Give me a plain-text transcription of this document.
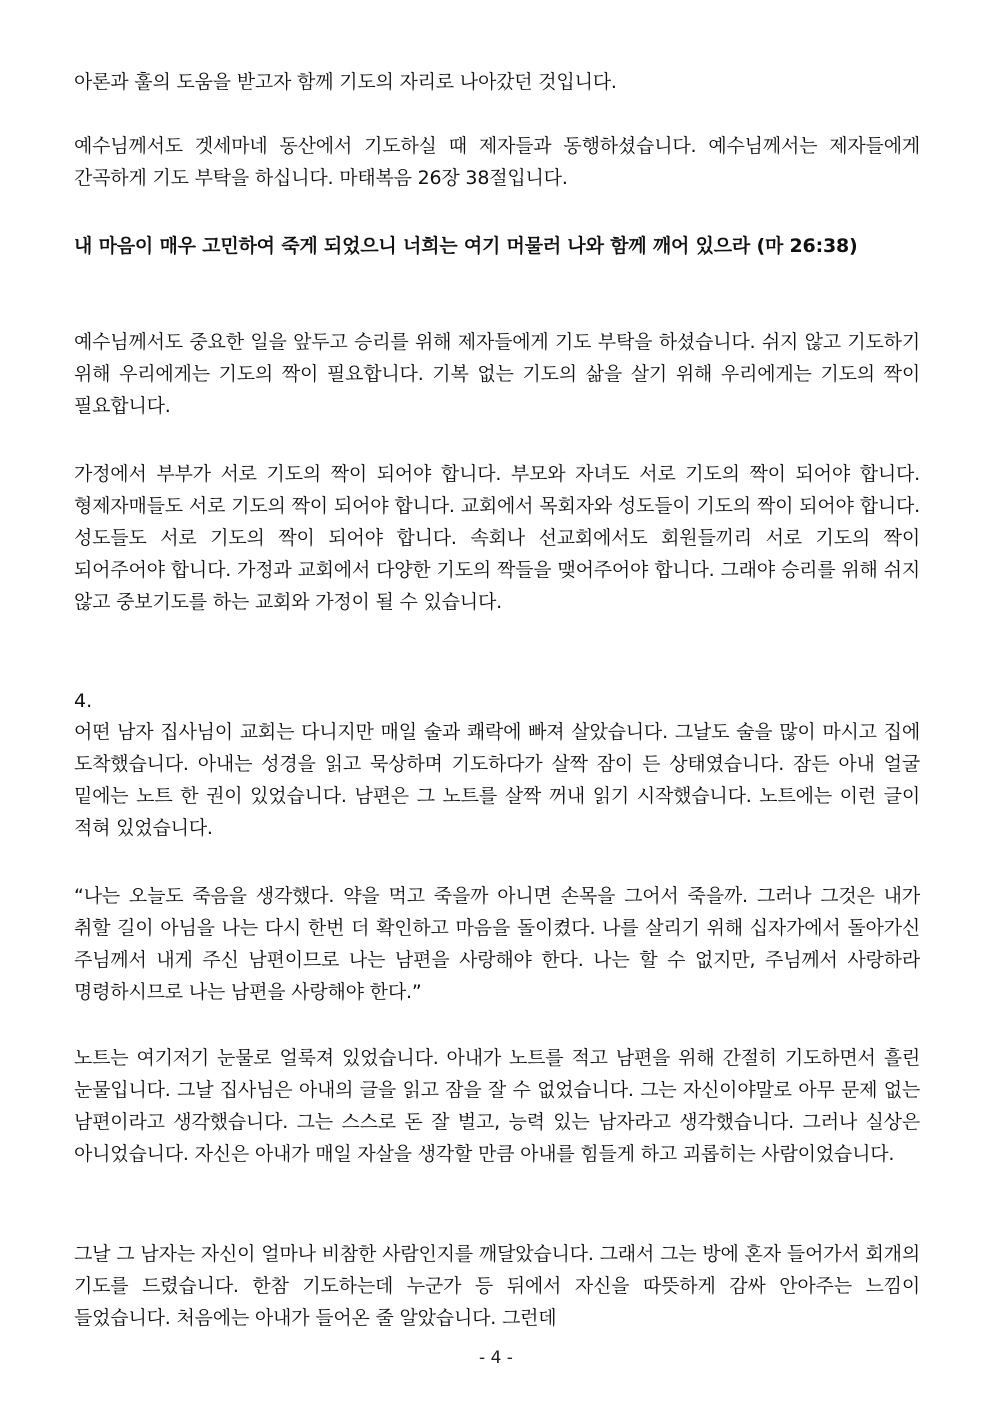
아론과 훌의 도움을 받고자 함께 기도의 자리로 나아갔던 것입니다.

예수님께서도 겟세마네 동산에서 기도하실 때 제자들과 동행하셨습니다. 예수님께서는 제자들에게 간곡하게 기도 부탁을 하십니다. 마태복음 26장 38절입니다.

내 마음이 매우 고민하여 죽게 되었으니 너희는 여기 머물러 나와 함께 깨어 있으라 (마 26:38)

예수님께서도 중요한 일을 앞두고 승리를 위해 제자들에게 기도 부탁을 하셨습니다. 쉬지 않고 기도하기 위해 우리에게는 기도의 짝이 필요합니다. 기복 없는 기도의 삶을 살기 위해 우리에게는 기도의 짝이 필요합니다.

가정에서 부부가 서로 기도의 짝이 되어야 합니다. 부모와 자녀도 서로 기도의 짝이 되어야 합니다. 형제자매들도 서로 기도의 짝이 되어야 합니다. 교회에서 목회자와 성도들이 기도의 짝이 되어야 합니다. 성도들도 서로 기도의 짝이 되어야 합니다. 속회나 선교회에서도 회원들끼리 서로 기도의 짝이 되어주어야 합니다. 가정과 교회에서 다양한 기도의 짝들을 맺어주어야 합니다. 그래야 승리를 위해 쉬지 않고 중보기도를 하는 교회와 가정이 될 수 있습니다.

4.

어떤 남자 집사님이 교회는 다니지만 매일 술과 쾌락에 빠져 살았습니다. 그날도 술을 많이 마시고 집에 도착했습니다. 아내는 성경을 읽고 묵상하며 기도하다가 살짝 잠이 든 상태였습니다. 잠든 아내 얼굴 밑에는 노트 한 권이 있었습니다. 남편은 그 노트를 살짝 꺼내 읽기 시작했습니다. 노트에는 이런 글이 적혀 있었습니다.

“나는 오늘도 죽음을 생각했다. 약을 먹고 죽을까 아니면 손목을 그어서 죽을까. 그러나 그것은 내가 취할 길이 아님을 나는 다시 한번 더 확인하고 마음을 돌이켰다. 나를 살리기 위해 십자가에서 돌아가신 주님께서 내게 주신 남편이므로 나는 남편을 사랑해야 한다. 나는 할 수 없지만, 주님께서 사랑하라 명령하시므로 나는 남편을 사랑해야 한다.”

노트는 여기저기 눈물로 얼룩져 있었습니다. 아내가 노트를 적고 남편을 위해 간절히 기도하면서 흘린 눈물입니다. 그날 집사님은 아내의 글을 읽고 잠을 잘 수 없었습니다. 그는 자신이야말로 아무 문제 없는 남편이라고 생각했습니다. 그는 스스로 돈 잘 벌고, 능력 있는 남자라고 생각했습니다. 그러나 실상은 아니었습니다. 자신은 아내가 매일 자살을 생각할 만큼 아내를 힘들게 하고 괴롭히는 사람이었습니다.

그날 그 남자는 자신이 얼마나 비참한 사람인지를 깨달았습니다. 그래서 그는 방에 혼자 들어가서 회개의 기도를 드렸습니다. 한참 기도하는데 누군가 등 뒤에서 자신을 따뜻하게 감싸 안아주는 느낌이 들었습니다. 처음에는 아내가 들어온 줄 알았습니다. 그런데

- 4 -
